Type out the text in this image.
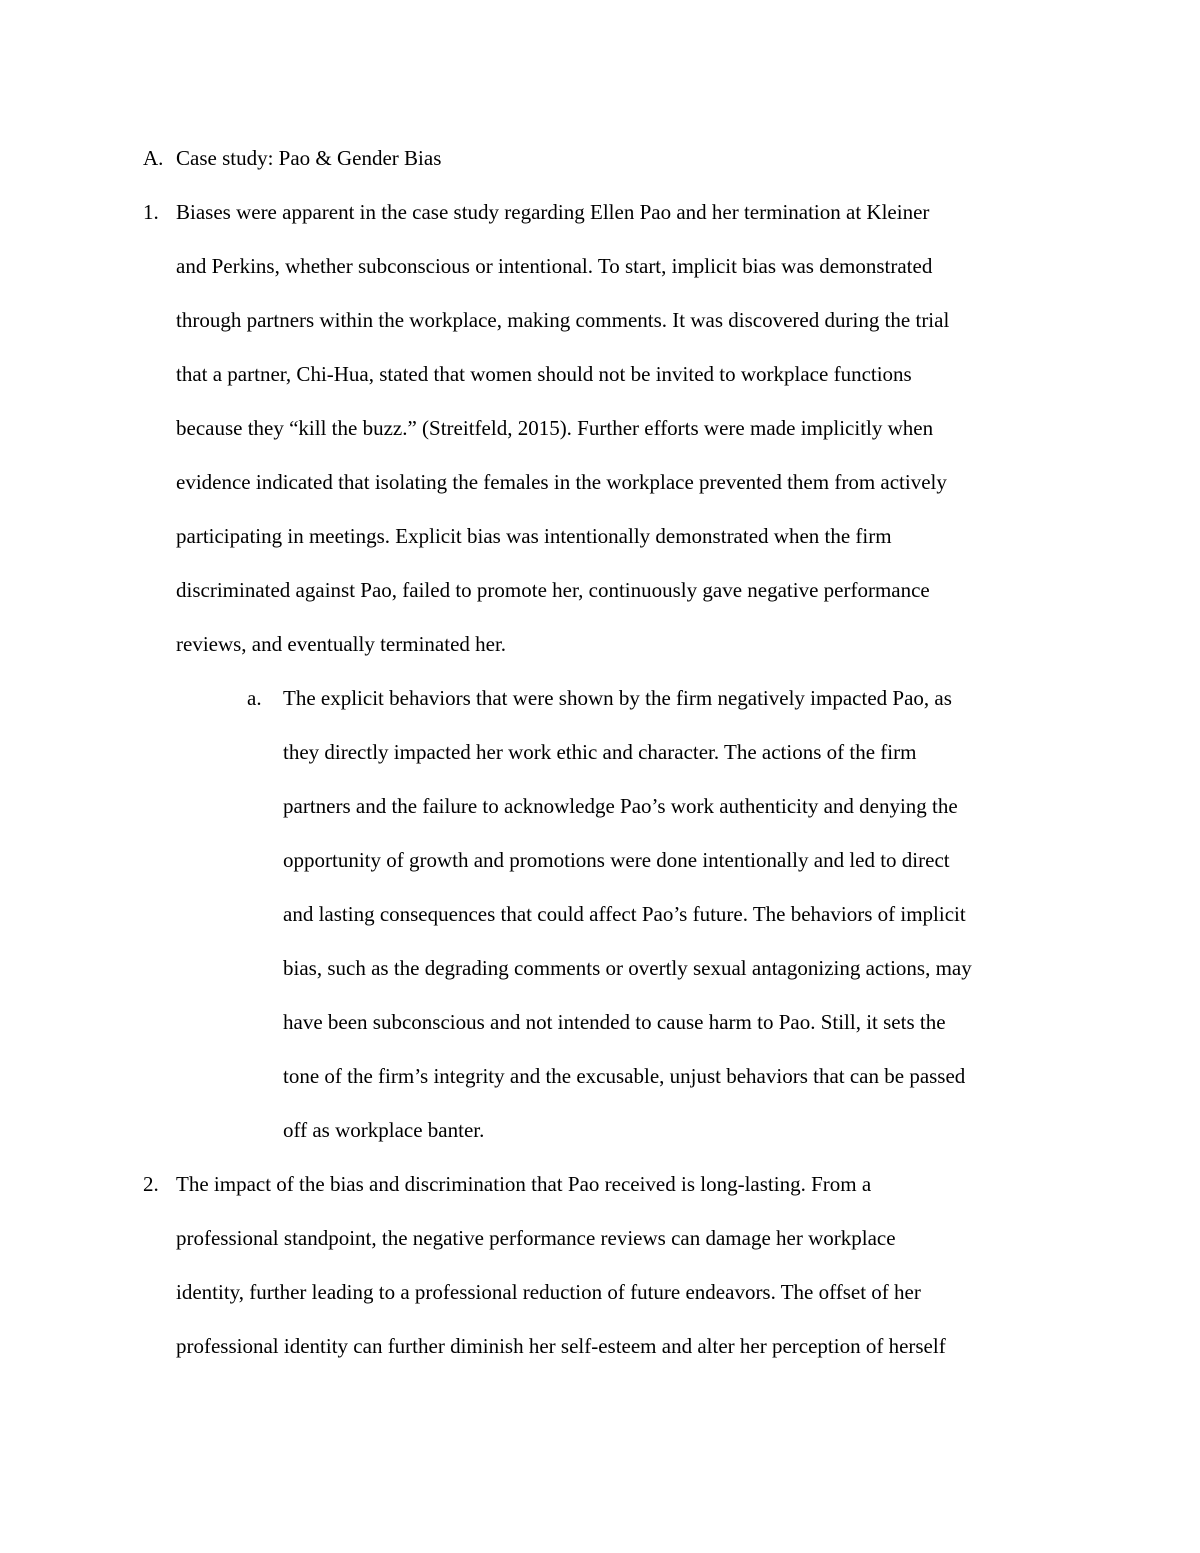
A. Case study: Pao & Gender Bias
1. Biases were apparent in the case study regarding Ellen Pao and her termination at Kleiner
and Perkins, whether subconscious or intentional. To start, implicit bias was demonstrated
through partners within the workplace, making comments. It was discovered during the trial
that a partner, Chi-Hua, stated that women should not be invited to workplace functions
because they “kill the buzz.” (Streitfeld, 2015). Further efforts were made implicitly when
evidence indicated that isolating the females in the workplace prevented them from actively
participating in meetings. Explicit bias was intentionally demonstrated when the firm
discriminated against Pao, failed to promote her, continuously gave negative performance
reviews, and eventually terminated her.
a. The explicit behaviors that were shown by the firm negatively impacted Pao, as
they directly impacted her work ethic and character. The actions of the firm
partners and the failure to acknowledge Pao’s work authenticity and denying the
opportunity of growth and promotions were done intentionally and led to direct
and lasting consequences that could affect Pao’s future. The behaviors of implicit
bias, such as the degrading comments or overtly sexual antagonizing actions, may
have been subconscious and not intended to cause harm to Pao. Still, it sets the
tone of the firm’s integrity and the excusable, unjust behaviors that can be passed
off as workplace banter.
2. The impact of the bias and discrimination that Pao received is long-lasting. From a
professional standpoint, the negative performance reviews can damage her workplace
identity, further leading to a professional reduction of future endeavors. The offset of her
professional identity can further diminish her self-esteem and alter her perception of herself
